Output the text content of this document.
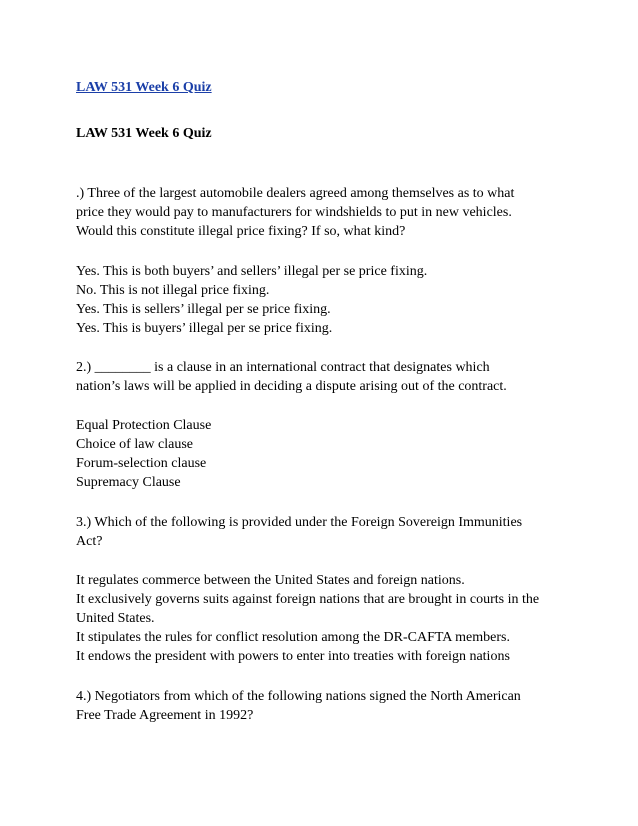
LAW 531 Week 6 Quiz
LAW 531 Week 6 Quiz
.) Three of the largest automobile dealers agreed among themselves as to what
price they would pay to manufacturers for windshields to put in new vehicles.
Would this constitute illegal price fixing? If so, what kind?
Yes. This is both buyers’ and sellers’ illegal per se price fixing.
No. This is not illegal price fixing.
Yes. This is sellers’ illegal per se price fixing.
Yes. This is buyers’ illegal per se price fixing.
2.) ________ is a clause in an international contract that designates which
nation’s laws will be applied in deciding a dispute arising out of the contract.
Equal Protection Clause
Choice of law clause
Forum-selection clause
Supremacy Clause
3.) Which of the following is provided under the Foreign Sovereign Immunities
Act?
It regulates commerce between the United States and foreign nations.
It exclusively governs suits against foreign nations that are brought in courts in the
United States.
It stipulates the rules for conflict resolution among the DR-CAFTA members.
It endows the president with powers to enter into treaties with foreign nations
4.) Negotiators from which of the following nations signed the North American
Free Trade Agreement in 1992?
